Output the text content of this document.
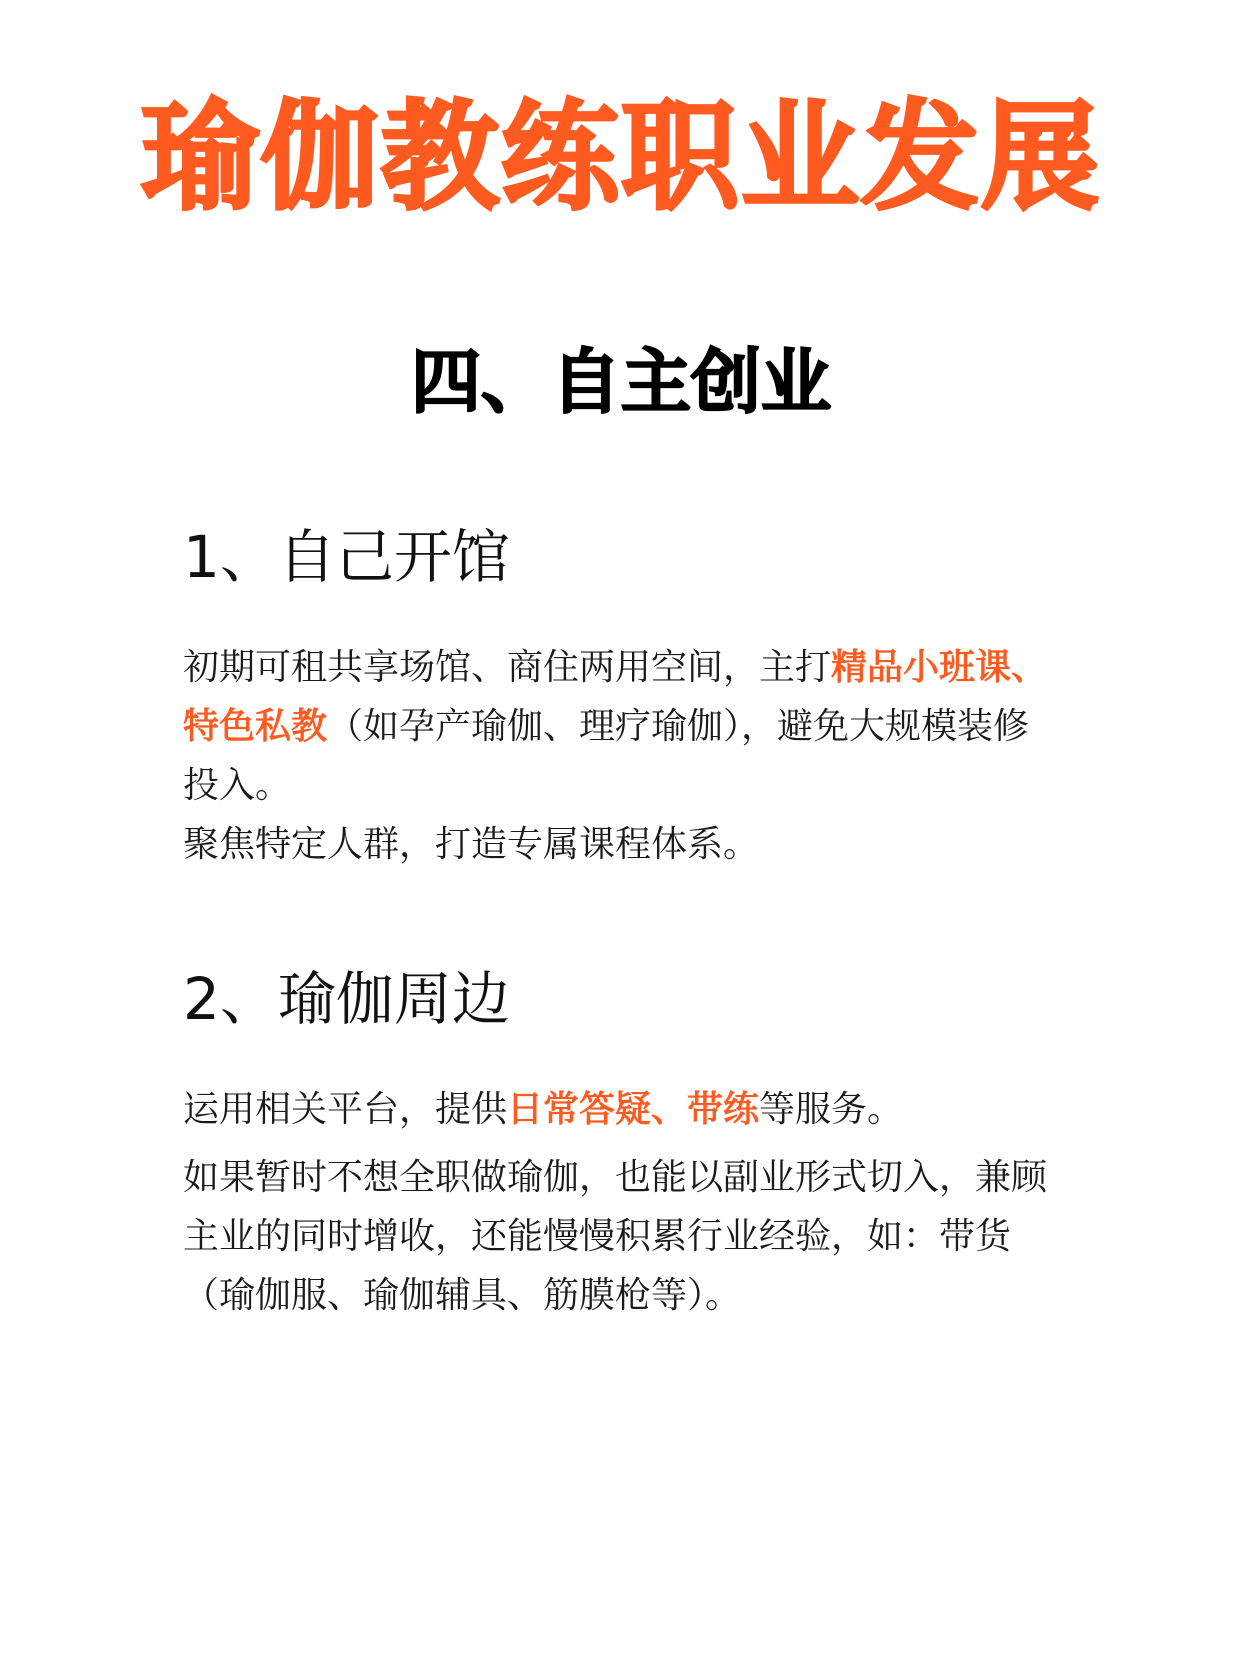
瑜伽教练职业发展
四、自主创业
1、自己开馆

初期可租共享场馆、商住两用空间，主打精品小班课、特色私教（如孕产瑜伽、理疗瑜伽），避免大规模装修投入。

聚焦特定人群，打造专属课程体系。

2、瑜伽周边

运用相关平台，提供日常答疑、带练等服务。

如果暂时不想全职做瑜伽，也能以副业形式切入，兼顾主业的同时增收，还能慢慢积累行业经验，如：带货（瑜伽服、瑜伽辅具、筋膜枪等）。
